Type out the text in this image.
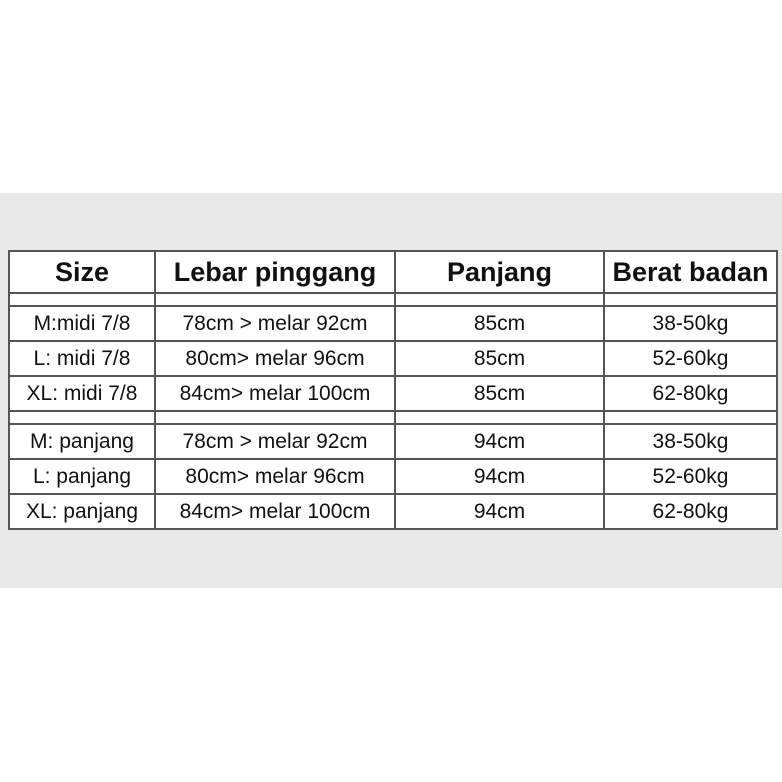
Size	Lebar pinggang	Panjang	Berat badan

M:midi 7/8	78cm > melar 92cm	85cm	38-50kg
L: midi 7/8	80cm> melar 96cm	85cm	52-60kg
XL: midi 7/8	84cm> melar 100cm	85cm	62-80kg

M: panjang	78cm > melar 92cm	94cm	38-50kg
L: panjang	80cm> melar 96cm	94cm	52-60kg
XL: panjang	84cm> melar 100cm	94cm	62-80kg
